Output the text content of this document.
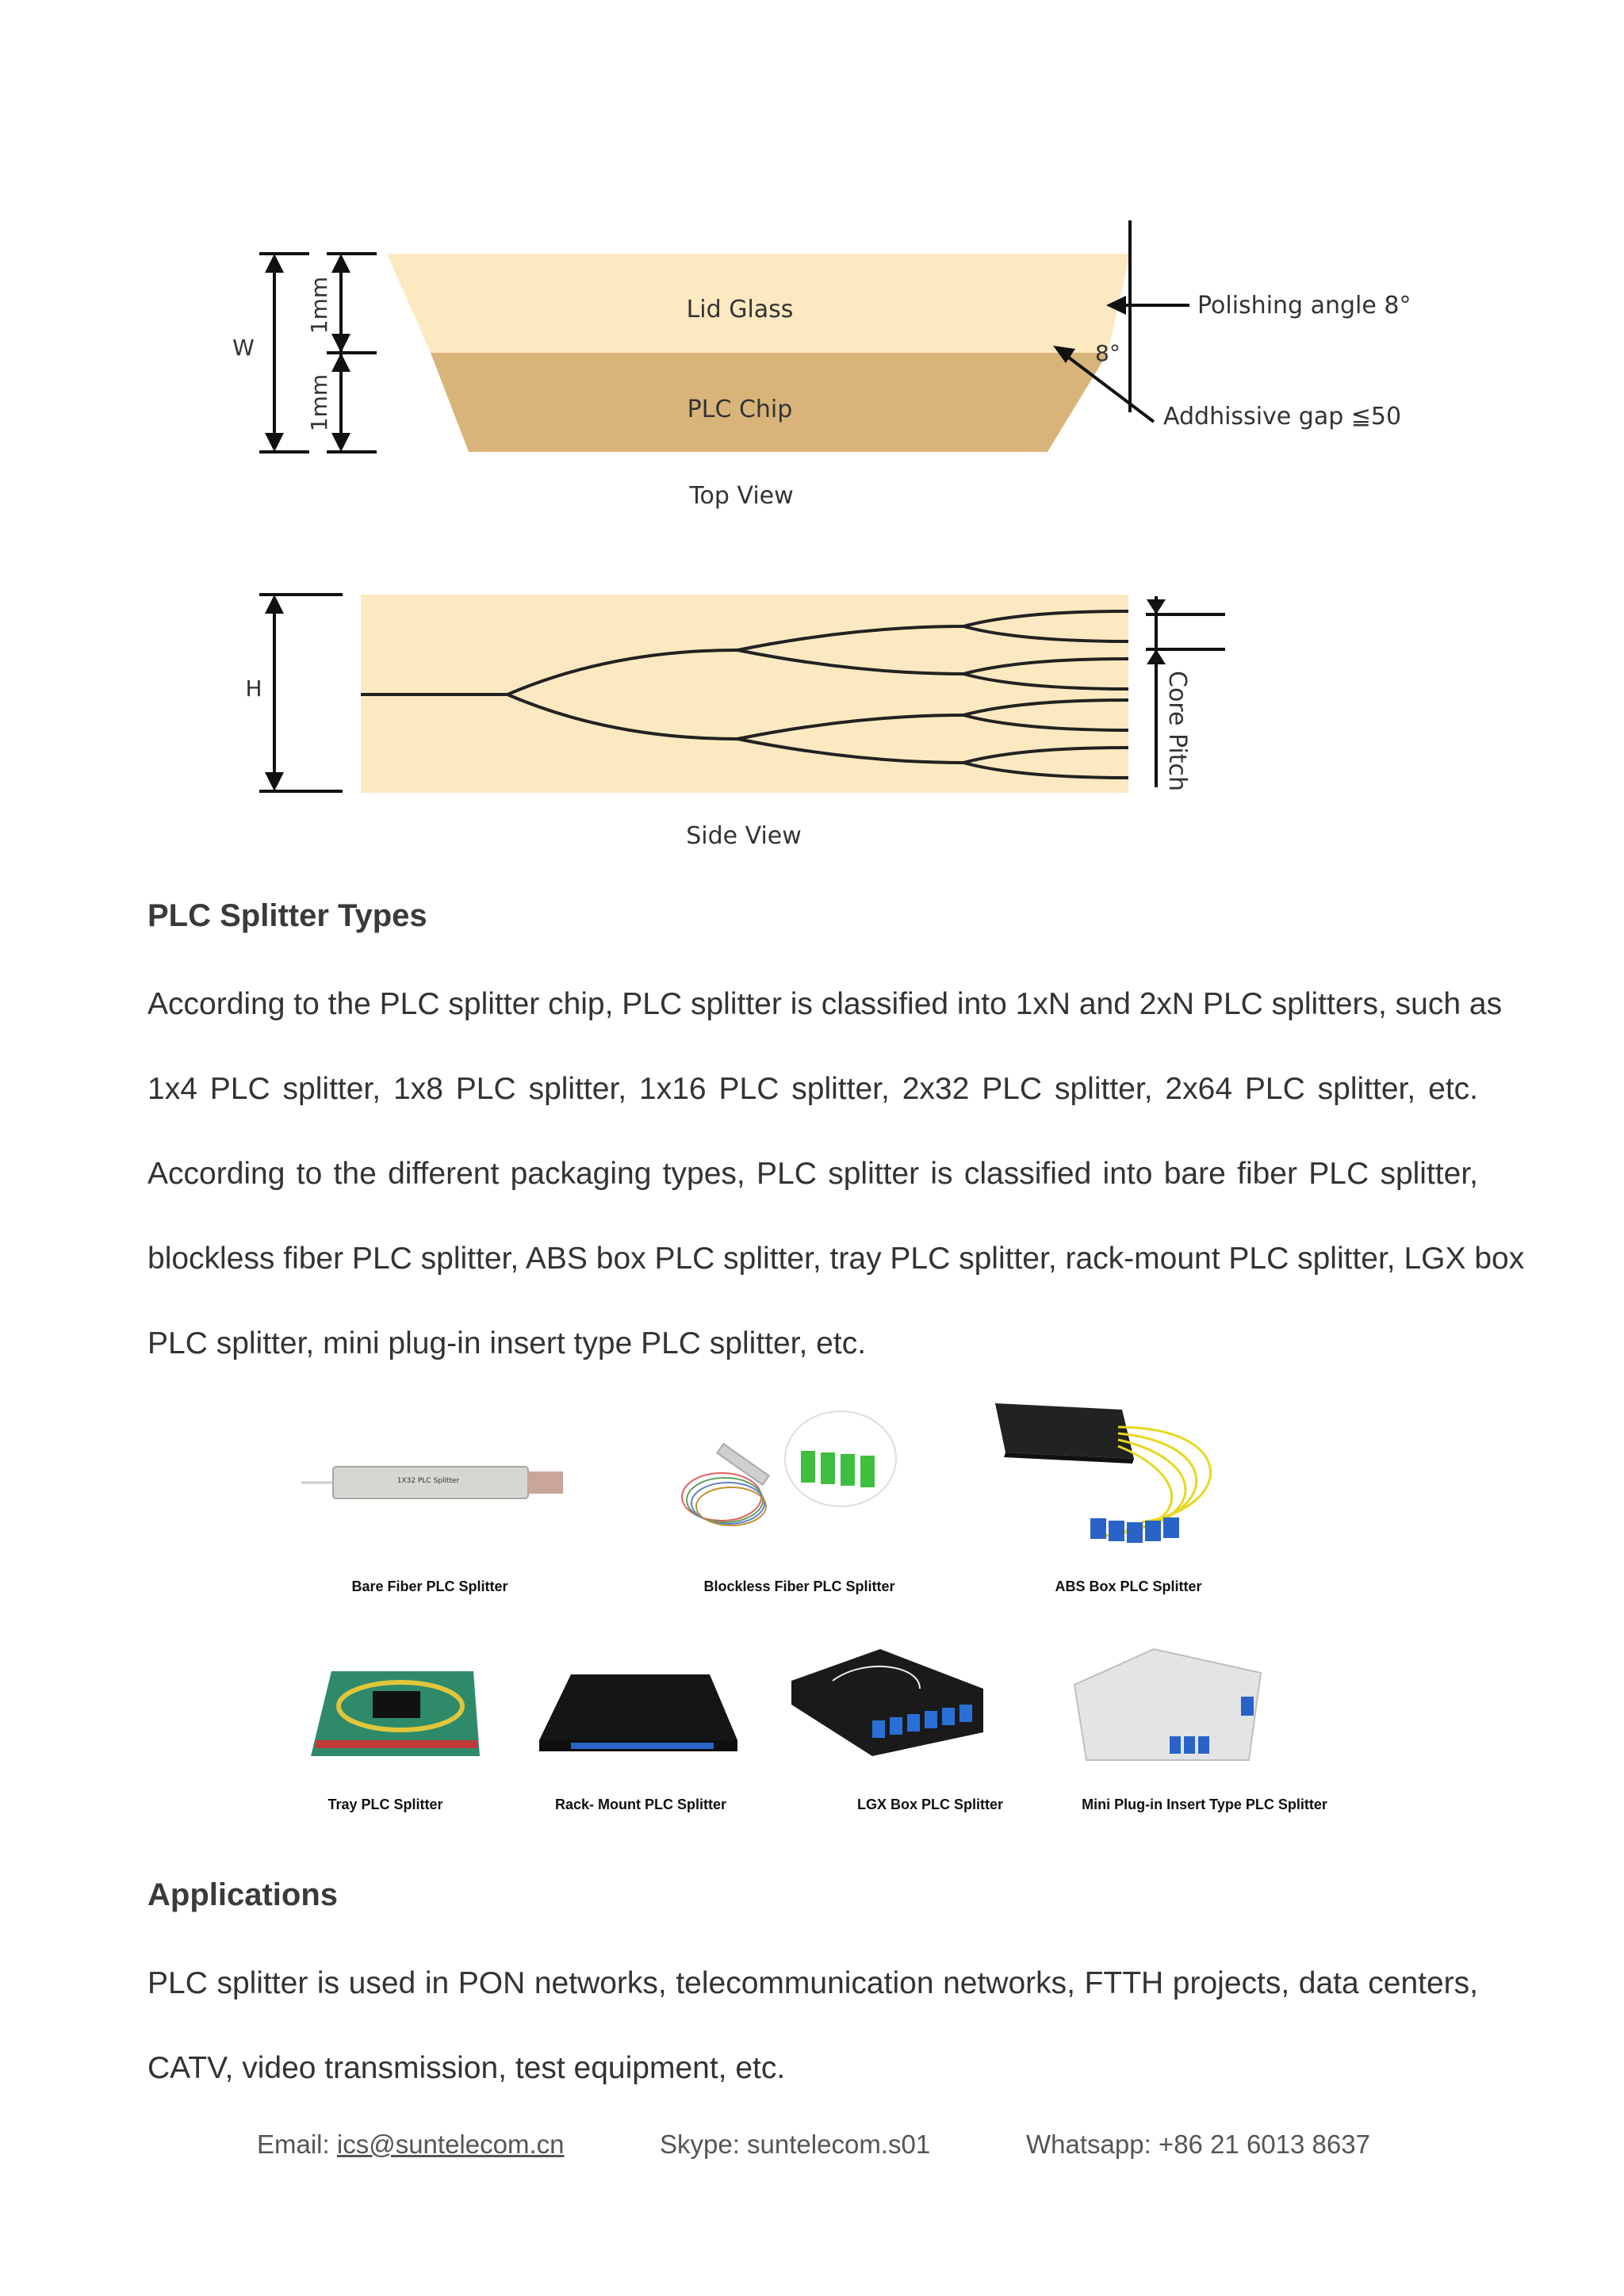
Lid Glass
PLC Chip
Top View
W
1mm
1mm
Polishing angle 8°
8°
Addhissive gap ≦50
H	Core Pitch
Side View
PLC Splitter Types
According to the PLC splitter chip, PLC splitter is classified into 1xN and 2xN PLC splitters, such as
1x4 PLC splitter, 1x8 PLC splitter, 1x16 PLC splitter, 2x32 PLC splitter, 2x64 PLC splitter, etc.
According to the different packaging types, PLC splitter is classified into bare fiber PLC splitter,
blockless fiber PLC splitter, ABS box PLC splitter, tray PLC splitter, rack-mount PLC splitter, LGX box
PLC splitter, mini plug-in insert type PLC splitter, etc.
1X32 PLC Splitter
Bare Fiber PLC Splitter	Blockless Fiber PLC Splitter	ABS Box PLC Splitter
Tray PLC Splitter	Rack- Mount PLC Splitter	LGX Box PLC Splitter	Mini Plug-in Insert Type PLC Splitter
Applications
PLC splitter is used in PON networks, telecommunication networks, FTTH projects, data centers,
CATV, video transmission, test equipment, etc.
Email: ics@suntelecom.cn	Skype: suntelecom.s01	Whatsapp: +86 21 6013 8637
